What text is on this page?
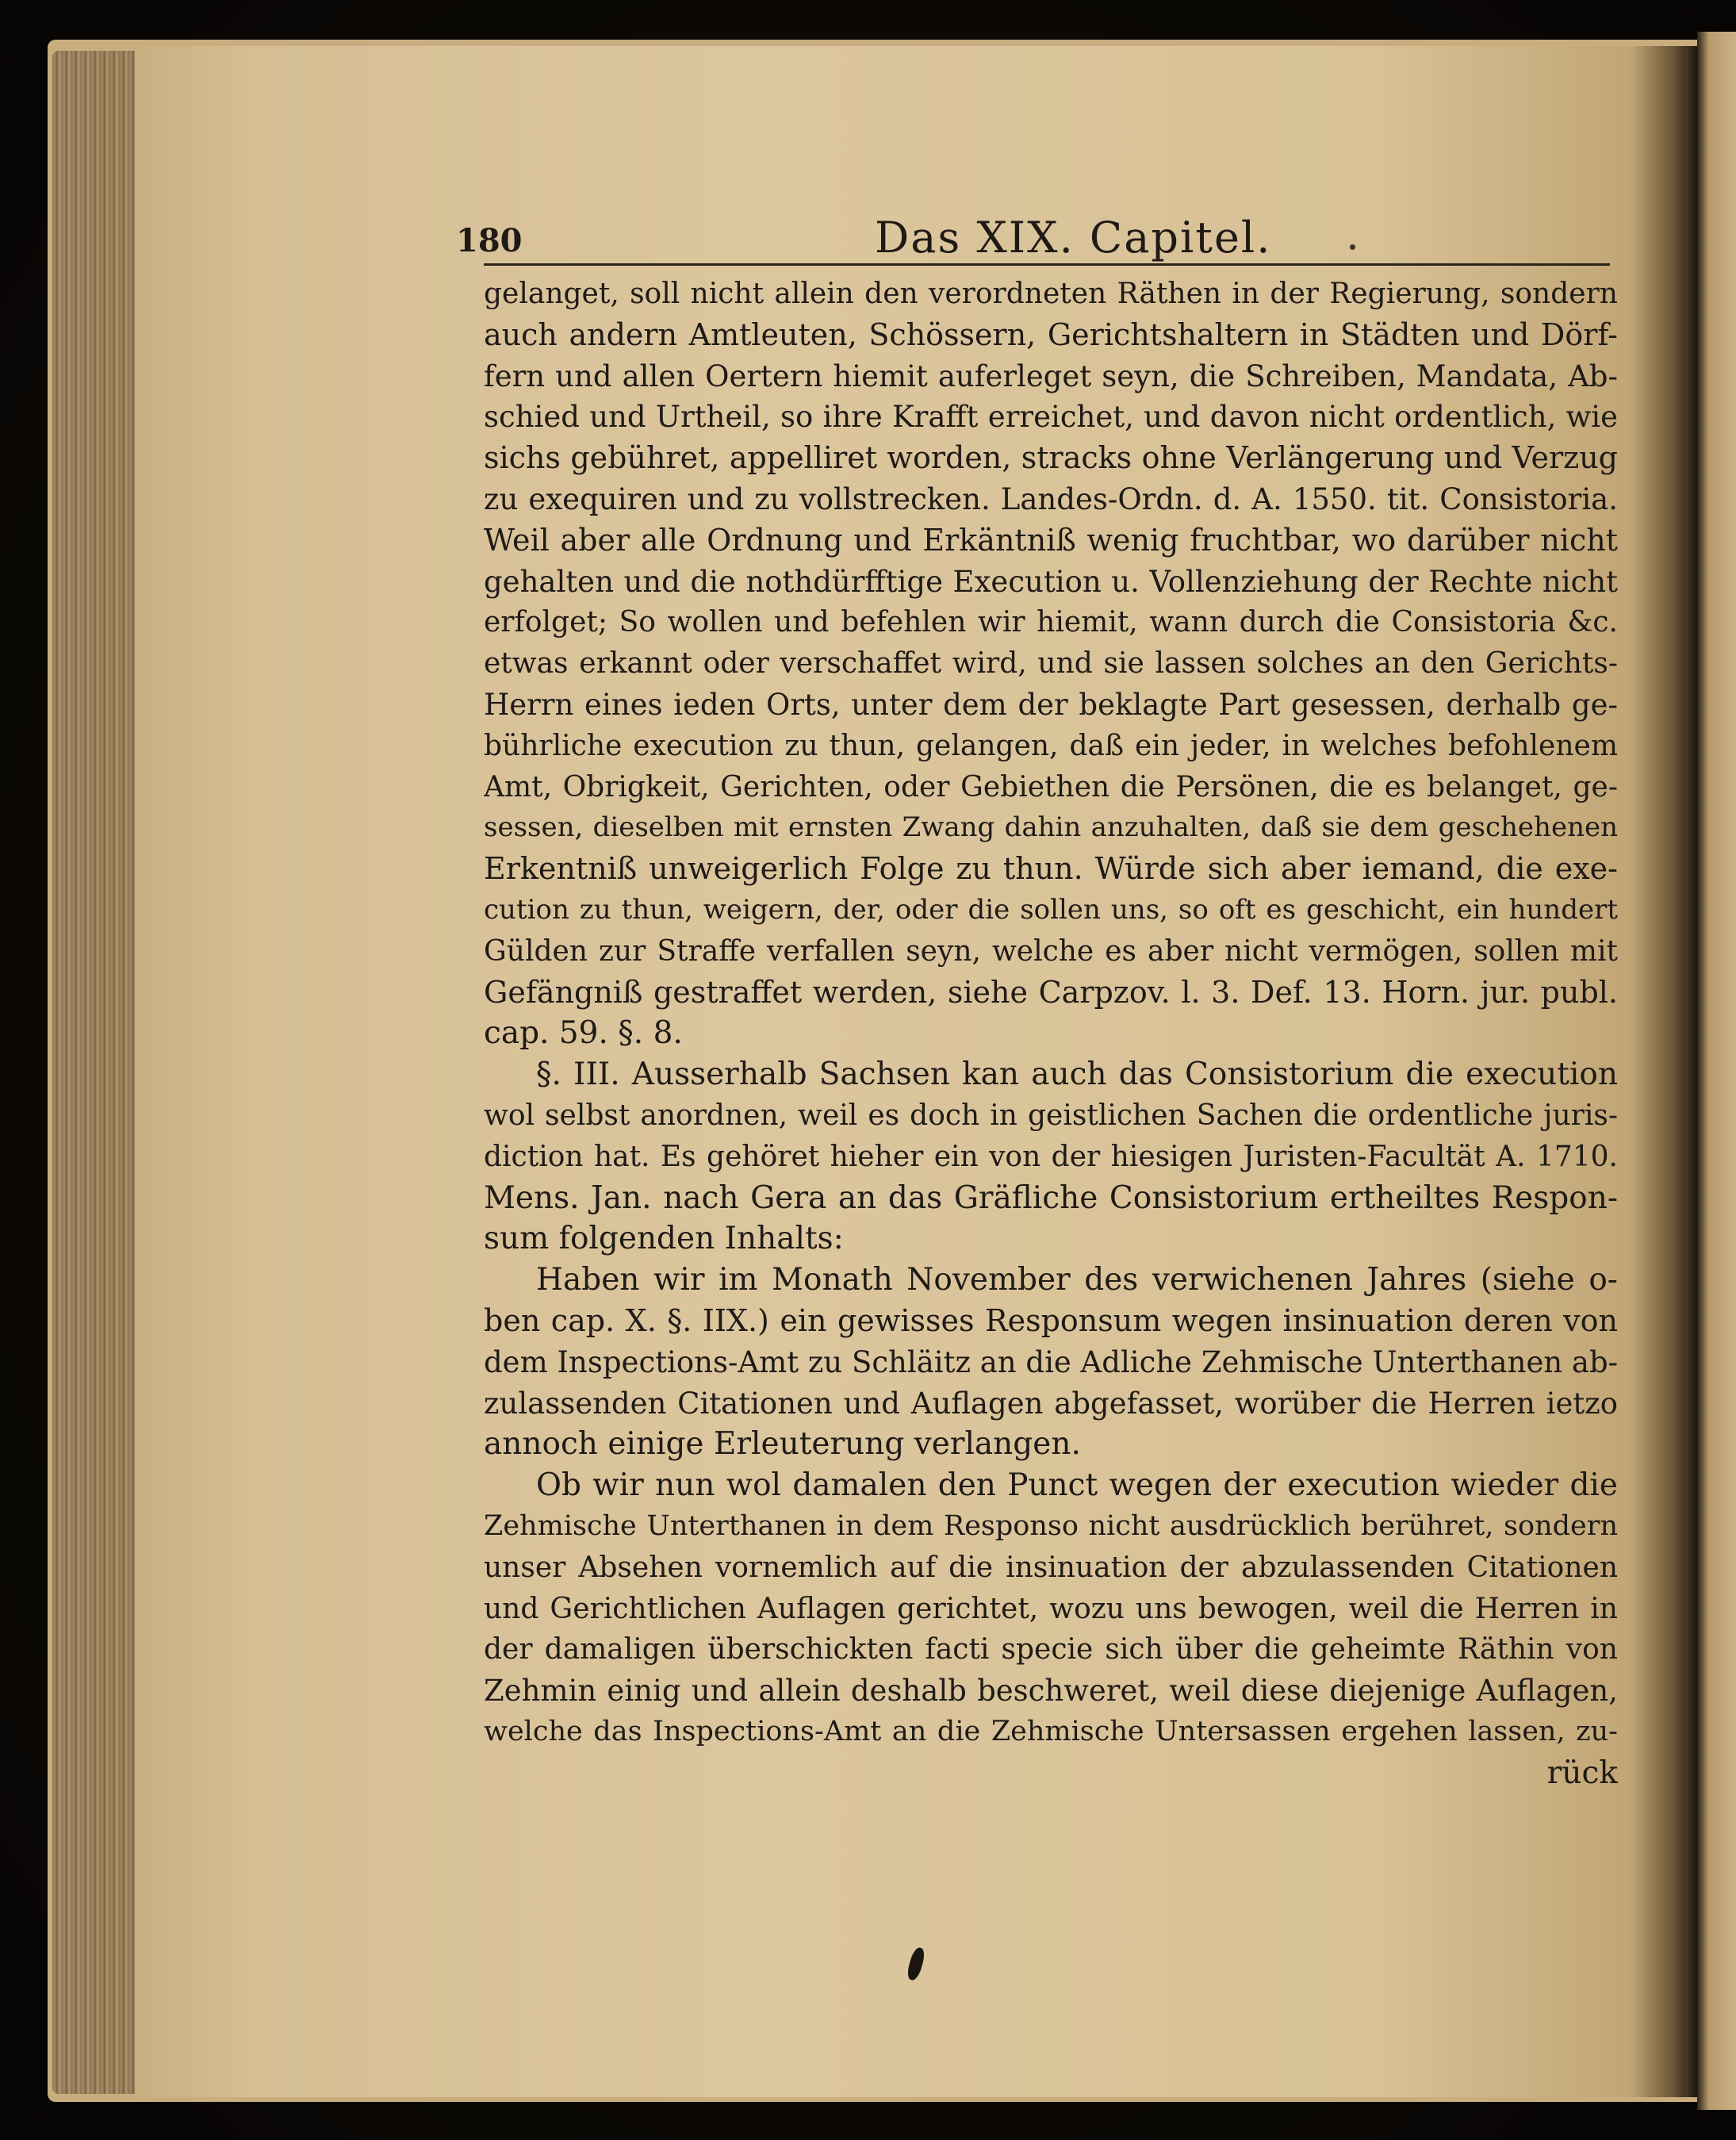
180	Das XIX. Capitel.
gelanget, soll nicht allein den verordneten Räthen in der Regierung, sondern
auch andern Amtleuten, Schössern, Gerichtshaltern in Städten und Dörf-
fern und allen Oertern hiemit auferleget seyn, die Schreiben, Mandata, Ab-
schied und Urtheil, so ihre Krafft erreichet, und davon nicht ordentlich, wie
sichs gebühret, appelliret worden, stracks ohne Verlängerung und Verzug
zu exequiren und zu vollstrecken. Landes-Ordn. d. A. 1550. tit. Consistoria.
Weil aber alle Ordnung und Erkäntniß wenig fruchtbar, wo darüber nicht
gehalten und die nothdürfftige Execution u. Vollenziehung der Rechte nicht
erfolget; So wollen und befehlen wir hiemit, wann durch die Consistoria &c.
etwas erkannt oder verschaffet wird, und sie lassen solches an den Gerichts-
Herrn eines ieden Orts, unter dem der beklagte Part gesessen, derhalb ge-
bührliche execution zu thun, gelangen, daß ein jeder, in welches befohlenem
Amt, Obrigkeit, Gerichten, oder Gebiethen die Persönen, die es belanget, ge-
sessen, dieselben mit ernsten Zwang dahin anzuhalten, daß sie dem geschehenen
Erkentniß unweigerlich Folge zu thun. Würde sich aber iemand, die exe-
cution zu thun, weigern, der, oder die sollen uns, so oft es geschicht, ein hundert
Gülden zur Straffe verfallen seyn, welche es aber nicht vermögen, sollen mit
Gefängniß gestraffet werden, siehe Carpzov. l. 3. Def. 13. Horn. jur. publ.
cap. 59. §. 8.
§. III. Ausserhalb Sachsen kan auch das Consistorium die execution
wol selbst anordnen, weil es doch in geistlichen Sachen die ordentliche juris-
diction hat. Es gehöret hieher ein von der hiesigen Juristen-Facultät A. 1710.
Mens. Jan. nach Gera an das Gräfliche Consistorium ertheiltes Respon-
sum folgenden Inhalts:
Haben wir im Monath November des verwichenen Jahres (siehe o-
ben cap. X. §. IIX.) ein gewisses Responsum wegen insinuation deren von
dem Inspections-Amt zu Schläitz an die Adliche Zehmische Unterthanen ab-
zulassenden Citationen und Auflagen abgefasset, worüber die Herren ietzo
annoch einige Erleuterung verlangen.
Ob wir nun wol damalen den Punct wegen der execution wieder die
Zehmische Unterthanen in dem Responso nicht ausdrücklich berühret, sondern
unser Absehen vornemlich auf die insinuation der abzulassenden Citationen
und Gerichtlichen Auflagen gerichtet, wozu uns bewogen, weil die Herren in
der damaligen überschickten facti specie sich über die geheimte Räthin von
Zehmin einig und allein deshalb beschweret, weil diese diejenige Auflagen,
welche das Inspections-Amt an die Zehmische Untersassen ergehen lassen, zu-
rück
